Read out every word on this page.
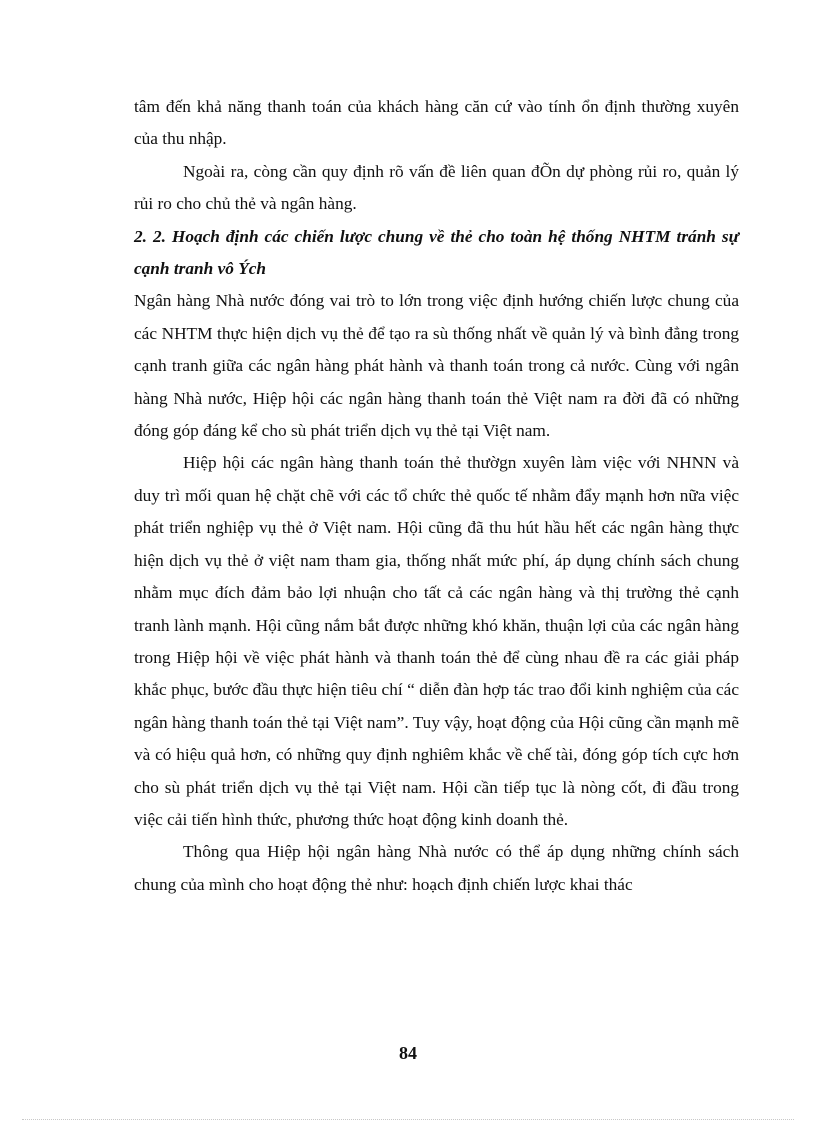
tâm đến khả năng thanh toán của khách hàng căn cứ vào tính ổn định thường xuyên của thu nhập.

Ngoài ra, còng cần quy định rõ vấn đề liên quan đÕn dự phòng rủi ro, quản lý rủi ro cho chủ thẻ và ngân hàng.

2. 2. Hoạch định các chiến lược chung về thẻ cho toàn hệ thống NHTM tránh sự cạnh tranh vô Ých

Ngân hàng Nhà nước đóng vai trò to lớn trong việc định hướng chiến lược chung của các NHTM thực hiện dịch vụ thẻ để tạo ra sù thống nhất về quản lý và bình đẳng trong cạnh tranh giữa các ngân hàng phát hành và thanh toán trong cả nước. Cùng với ngân hàng Nhà nước, Hiệp hội các ngân hàng thanh toán thẻ Việt nam ra đời đã có những đóng góp đáng kể cho sù phát triển dịch vụ thẻ tại Việt nam.

Hiệp hội các ngân hàng thanh toán thẻ thườgn xuyên làm việc với NHNN và duy trì mối quan hệ chặt chẽ với các tổ chức thẻ quốc tế nhằm đẩy mạnh hơn nữa việc phát triển nghiệp vụ thẻ ở Việt nam. Hội cũng đã thu hút hầu hết các ngân hàng thực hiện dịch vụ thẻ ở việt nam tham gia, thống nhất mức phí, áp dụng chính sách chung nhằm mục đích đảm bảo lợi nhuận cho tất cả các ngân hàng và thị trường thẻ cạnh tranh lành mạnh. Hội cũng nắm bắt được những khó khăn, thuận lợi của các ngân hàng trong Hiệp hội về việc phát hành và thanh toán thẻ để cùng nhau đề ra các giải pháp khắc phục, bước đầu thực hiện tiêu chí “ diễn đàn hợp tác trao đổi kinh nghiệm của các ngân hàng thanh toán thẻ tại Việt nam”. Tuy vậy, hoạt động của Hội cũng cần mạnh mẽ và có hiệu quả hơn, có những quy định nghiêm khắc về chế tài, đóng góp tích cực hơn cho sù phát triển dịch vụ thẻ tại Việt nam. Hội cần tiếp tục là nòng cốt, đi đầu trong việc cải tiến hình thức, phương thức hoạt động kinh doanh thẻ.

Thông qua Hiệp hội ngân hàng Nhà nước có thể áp dụng những chính sách chung của mình cho hoạt động thẻ như: hoạch định chiến lược khai thác

84
